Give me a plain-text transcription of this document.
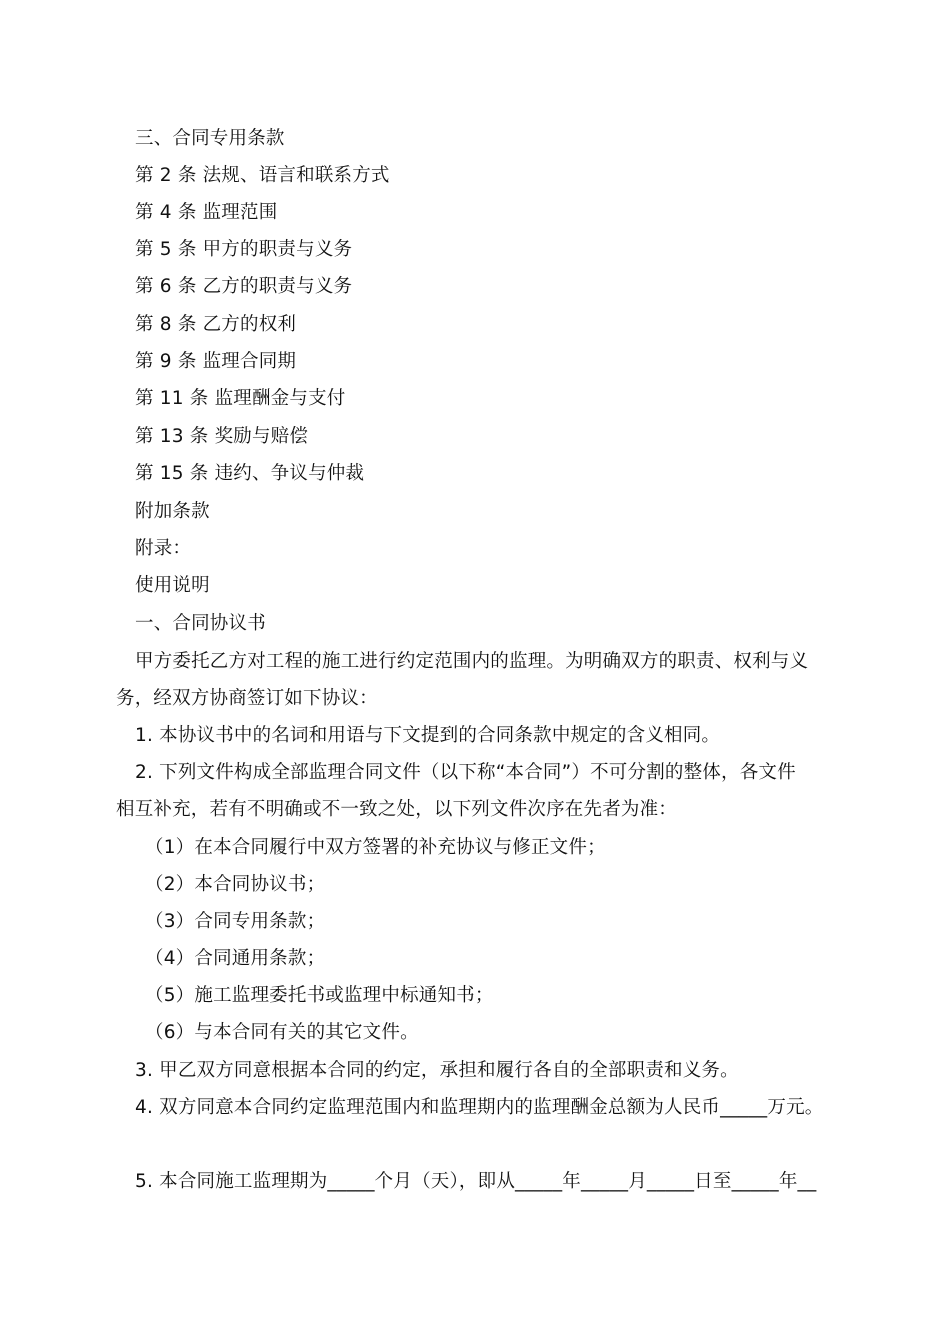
三、合同专用条款
第 2 条 法规、语言和联系方式
第 4 条 监理范围
第 5 条 甲方的职责与义务
第 6 条 乙方的职责与义务
第 8 条 乙方的权利
第 9 条 监理合同期
第 11 条 监理酬金与支付
第 13 条 奖励与赔偿
第 15 条 违约、争议与仲裁
附加条款
附录：
使用说明
一、合同协议书
甲方委托乙方对工程的施工进行约定范围内的监理。为明确双方的职责、权利与义
务，经双方协商签订如下协议：
1. 本协议书中的名词和用语与下文提到的合同条款中规定的含义相同。
2. 下列文件构成全部监理合同文件（以下称“本合同”）不可分割的整体，各文件
相互补充，若有不明确或不一致之处，以下列文件次序在先者为准：
（1）在本合同履行中双方签署的补充协议与修正文件；
（2）本合同协议书；
（3）合同专用条款；
（4）合同通用条款；
（5）施工监理委托书或监理中标通知书；
（6）与本合同有关的其它文件。
3. 甲乙双方同意根据本合同的约定，承担和履行各自的全部职责和义务。
4. 双方同意本合同约定监理范围内和监理期内的监理酬金总额为人民币_____万元。
5. 本合同施工监理期为_____个月（天），即从_____年_____月_____日至_____年__
